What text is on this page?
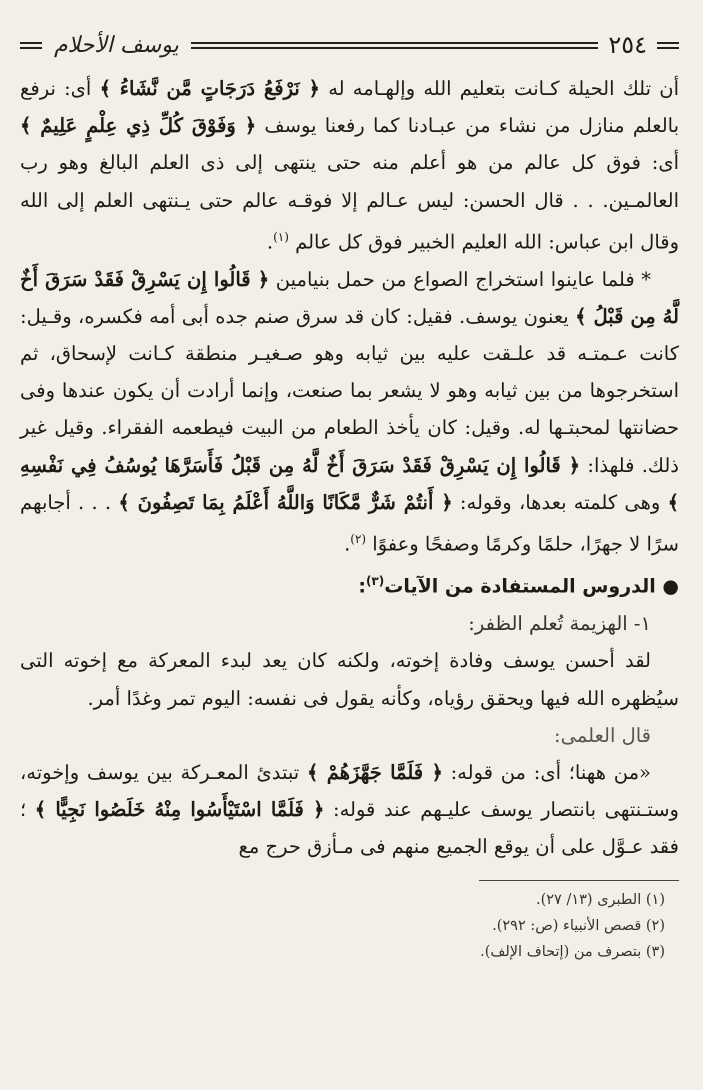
٢٥٤
يوسف الأحلام

أن تلك الحيلة كـانت بتعليم الله وإلهـامه له ﴿ نَرْفَعُ دَرَجَاتٍ مَّن نَّشَاءُ ﴾ أى: نرفع بالعلم منازل من نشاء من عبـادنا كما رفعنا يوسف ﴿ وَفَوْقَ كُلِّ ذِي عِلْمٍ عَلِيمٌ ﴾ أى: فوق كل عالم من هو أعلم منه حتى ينتهى إلى ذى العلم البالغ وهو رب العالمـين. . . قال الحسن: ليس عـالم إلا فوقـه عالم حتى يـنتهى العلم إلى الله وقال ابن عباس: الله العليم الخبير فوق كل عالم $^{(١)}$.

* فلما عاينوا استخراج الصواع من حمل بنيامين ﴿ قَالُوا إِن يَسْرِقْ فَقَدْ سَرَقَ أَخٌ لَّهُ مِن قَبْلُ ﴾ يعنون يوسف. فقيل: كان قد سرق صنم جده أبى أمه فكسره، وقـيل: كانت عـمتـه قد علـقت عليه بين ثيابه وهو صـغيـر منطقة كـانت لإسحاق، ثم استخرجوها من بين ثيابه وهو لا يشعر بما صنعت، وإنما أرادت أن يكون عندها وفى حضانتها لمحبتـها له. وقيل: كان يأخذ الطعام من البيت فيطعمه الفقراء. وقيل غير ذلك. فلهذا: ﴿ قَالُوا إِن يَسْرِقْ فَقَدْ سَرَقَ أَخٌ لَّهُ مِن قَبْلُ فَأَسَرَّهَا يُوسُفُ فِي نَفْسِهِ ﴾ وهى كلمته بعدها، وقوله: ﴿ أَنتُمْ شَرٌّ مَّكَانًا وَاللَّهُ أَعْلَمُ بِمَا تَصِفُونَ ﴾ . . . أجابهم سرًا لا جهرًا، حلمًا وكرمًا وصفحًا وعفوًا $^{(٢)}$.

● الدروس المستفادة من الآيات$^{(٣)}$:

١- الهزيمة تُعلم الظفر:

لقد أحسن يوسف وفادة إخوته، ولكنه كان يعد لبدء المعركة مع إخوته التى سيُظهره الله فيها ويحقق رؤياه، وكأنه يقول فى نفسه: اليوم تمر وغدًا أمر.

قال العلمى:

«من ههنا؛ أى: من قوله: ﴿ فَلَمَّا جَهَّزَهُمْ ﴾ تبتدئ المعـركة بين يوسف وإخوته، وستـنتهى بانتصار يوسف عليـهم عند قوله: ﴿ فَلَمَّا اسْتَيْأَسُوا مِنْهُ خَلَصُوا نَجِيًّا ﴾ ؛ فقد عـوَّل على أن يوقع الجميع منهم فى مـأزق حرج مع

(١) الطبرى (١٣/ ٢٧).

(٢) قصص الأنبياء (ص: ٢٩٢).

(٣) بتصرف من (إتحاف الإلف).
